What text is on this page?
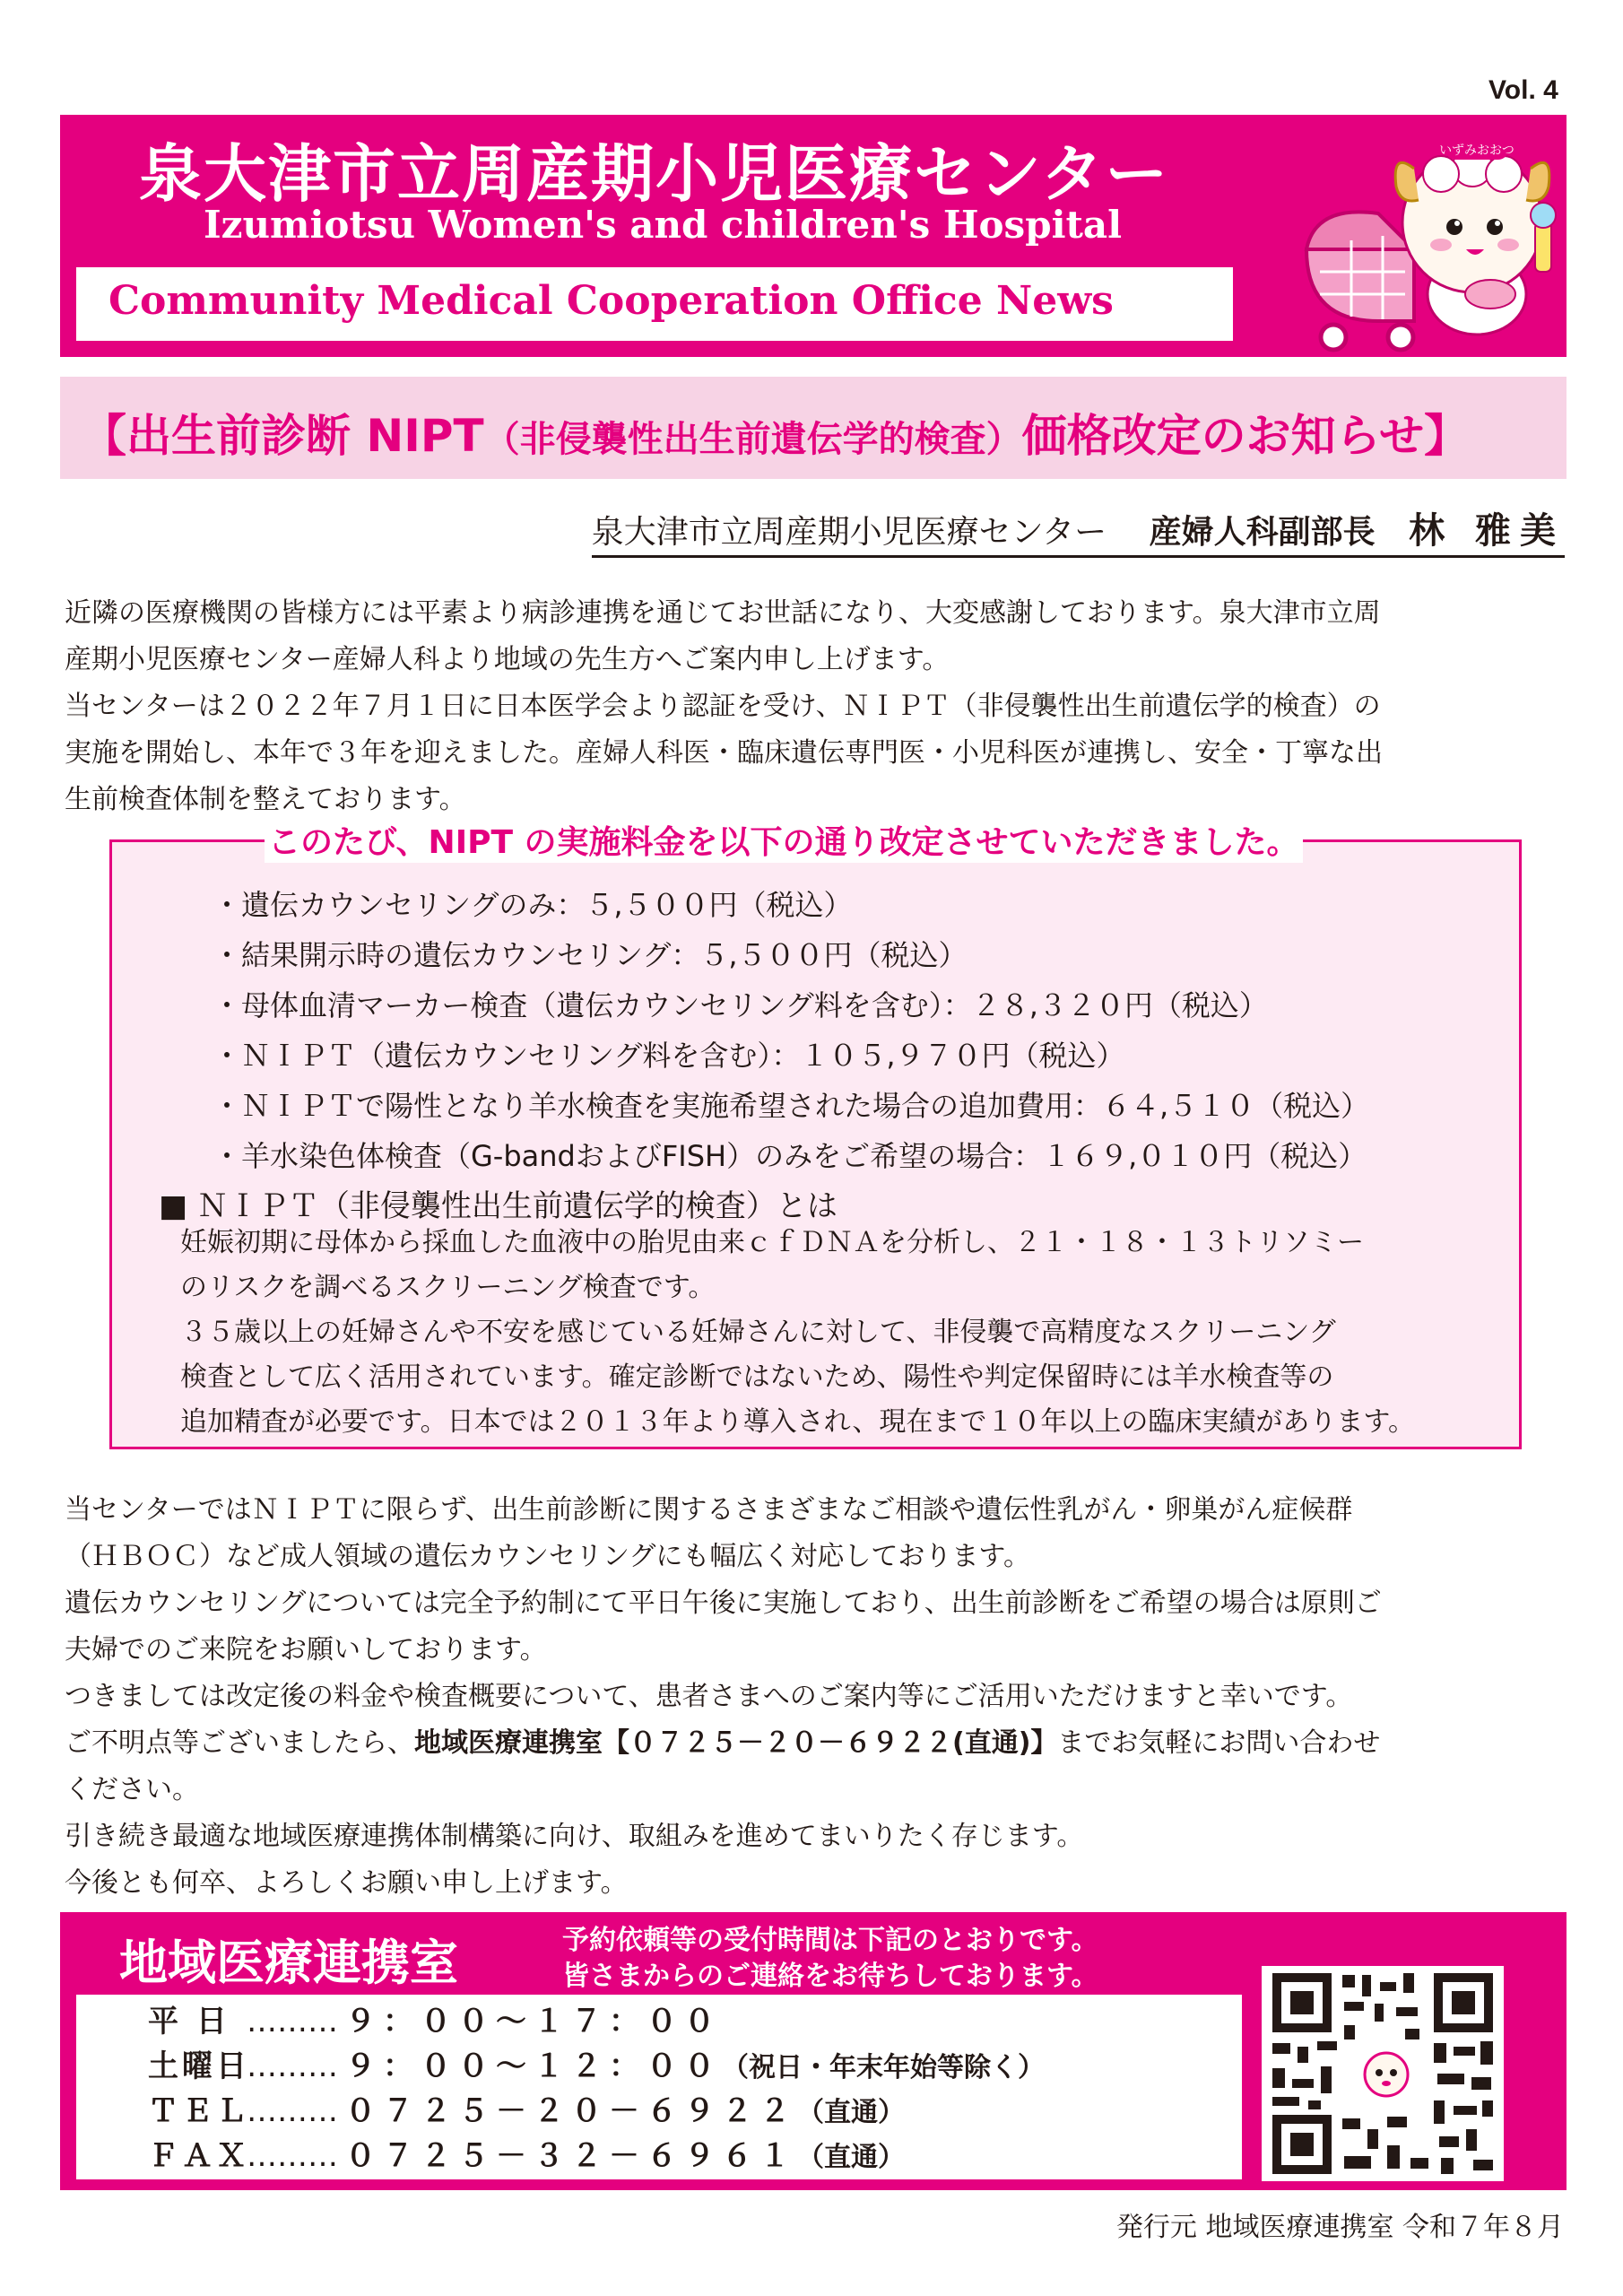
Vol. 4
泉大津市立周産期小児医療センター
Izumiotsu Women's and children's Hospital
Community Medical Cooperation Office News
いずみおおつ
【出生前診断 NIPT（非侵襲性出生前遺伝学的検査）価格改定のお知らせ】
泉大津市立周産期小児医療センター 産婦人科副部長 林 雅美

近隣の医療機関の皆様方には平素より病診連携を通じてお世話になり、大変感謝しております。泉大津市立周

産期小児医療センター産婦人科より地域の先生方へご案内申し上げます。

当センターは２０２２年７月１日に日本医学会より認証を受け、ＮＩＰＴ（非侵襲性出生前遺伝学的検査）の

実施を開始し、本年で３年を迎えました。産婦人科医・臨床遺伝専門医・小児科医が連携し、安全・丁寧な出

生前検査体制を整えております。

このたび、NIPT の実施料金を以下の通り改定させていただきました。
・遺伝カウンセリングのみ：５,５００円（税込）
・結果開示時の遺伝カウンセリング：５,５００円（税込）
・母体血清マーカー検査（遺伝カウンセリング料を含む）：２８,３２０円（税込）
・ＮＩＰＴ（遺伝カウンセリング料を含む）：１０５,９７０円（税込）
・ＮＩＰＴで陽性となり羊水検査を実施希望された場合の追加費用：６４,５１０（税込）
・羊水染色体検査（G-bandおよびFISH）のみをご希望の場合：１６９,０１０円（税込）
■ ＮＩＰＴ（非侵襲性出生前遺伝学的検査）とは
妊娠初期に母体から採血した血液中の胎児由来ｃｆＤＮＡを分析し、２１・１８・１３トリソミー
のリスクを調べるスクリーニング検査です。
３５歳以上の妊婦さんや不安を感じている妊婦さんに対して、非侵襲で高精度なスクリーニング
検査として広く活用されています。確定診断ではないため、陽性や判定保留時には羊水検査等の
追加精査が必要です。日本では２０１３年より導入され、現在まで１０年以上の臨床実績があります。

当センターではＮＩＰＴに限らず、出生前診断に関するさまざまなご相談や遺伝性乳がん・卵巣がん症候群

（ＨＢＯＣ）など成人領域の遺伝カウンセリングにも幅広く対応しております。

遺伝カウンセリングについては完全予約制にて平日午後に実施しており、出生前診断をご希望の場合は原則ご

夫婦でのご来院をお願いしております。

つきましては改定後の料金や検査概要について、患者さまへのご案内等にご活用いただけますと幸いです。

ご不明点等ございましたら、地域医療連携室【０７２５－２０－６９２２(直通)】までお気軽にお問い合わせ

ください。

引き続き最適な地域医療連携体制構築に向け、取組みを進めてまいりたく存じます。

今後とも何卒、よろしくお願い申し上げます。

地域医療連携室	予約依頼等の受付時間は下記のとおりです。
皆さまからのご連絡をお待ちしております。
平 日 ……… ９：００～１７：００
土曜日……… ９：００～１２：００（祝日・年末年始等除く）
ＴＥＬ……… ０７２５－２０－６９２２（直通）
ＦＡＸ……… ０７２５－３２－６９６１（直通）
発行元 地域医療連携室 令和７年８月
